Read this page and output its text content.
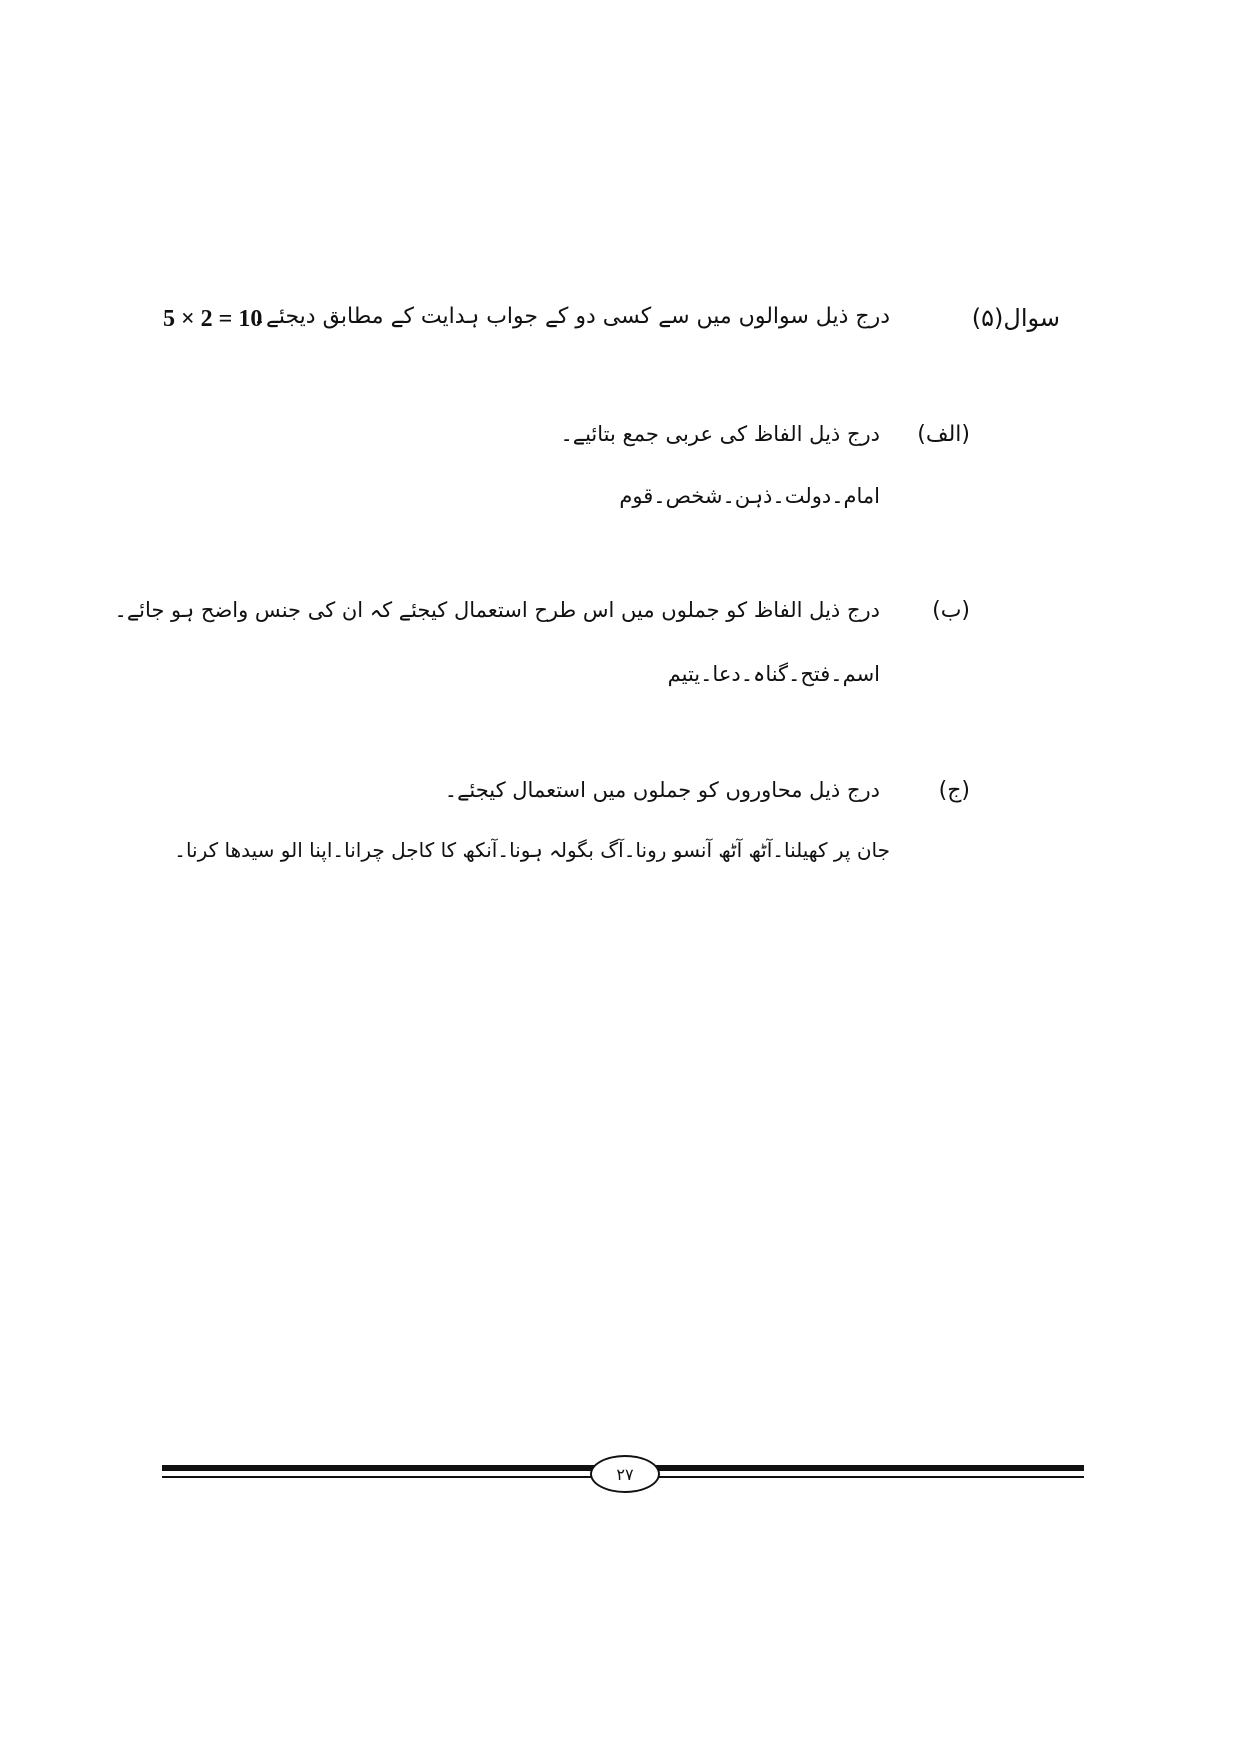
سوال(۵)
درج ذیل سوالوں میں سے کسی دو کے جواب ہدایت کے مطابق دیجئے۔
5 × 2 = 10
(الف)
درج ذیل الفاظ کی عربی جمع بتائیے۔
امام۔دولت۔ذہن۔شخص۔قوم
(ب)
درج ذیل الفاظ کو جملوں میں اس طرح استعمال کیجئے کہ ان کی جنس واضح ہو جائے۔
اسم۔فتح۔گناہ۔دعا۔یتیم
(ج)
درج ذیل محاوروں کو جملوں میں استعمال کیجئے۔
جان پر کھیلنا۔آٹھ آٹھ آنسو رونا۔آگ بگولہ ہونا۔آنکھ کا کاجل چرانا۔اپنا الو سیدھا کرنا۔
۲۷
